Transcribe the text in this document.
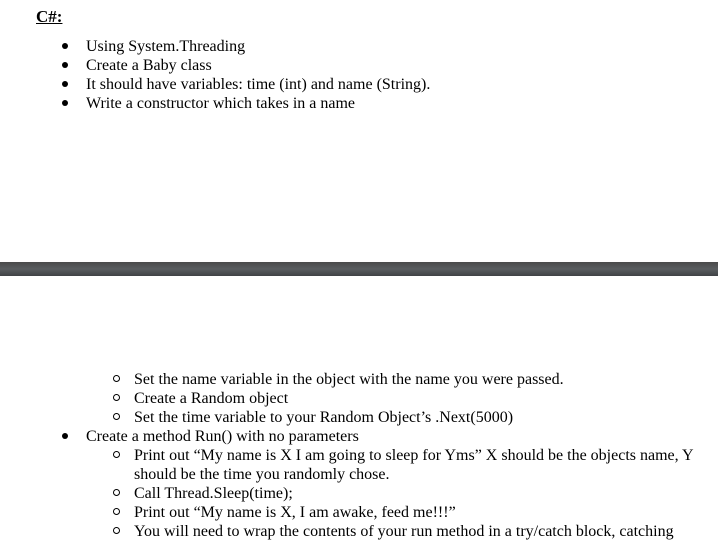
C#:
Using System.Threading
Create a Baby class
It should have variables: time (int) and name (String).
Write a constructor which takes in a name
Set the name variable in the object with the name you were passed.
Create a Random object
Set the time variable to your Random Object’s .Next(5000)
Create a method Run() with no parameters
Print out “My name is X I am going to sleep for Yms” X should be the objects name, Y
should be the time you randomly chose.
Call Thread.Sleep(time);
Print out “My name is X, I am awake, feed me!!!”
You will need to wrap the contents of your run method in a try/catch block, catching
